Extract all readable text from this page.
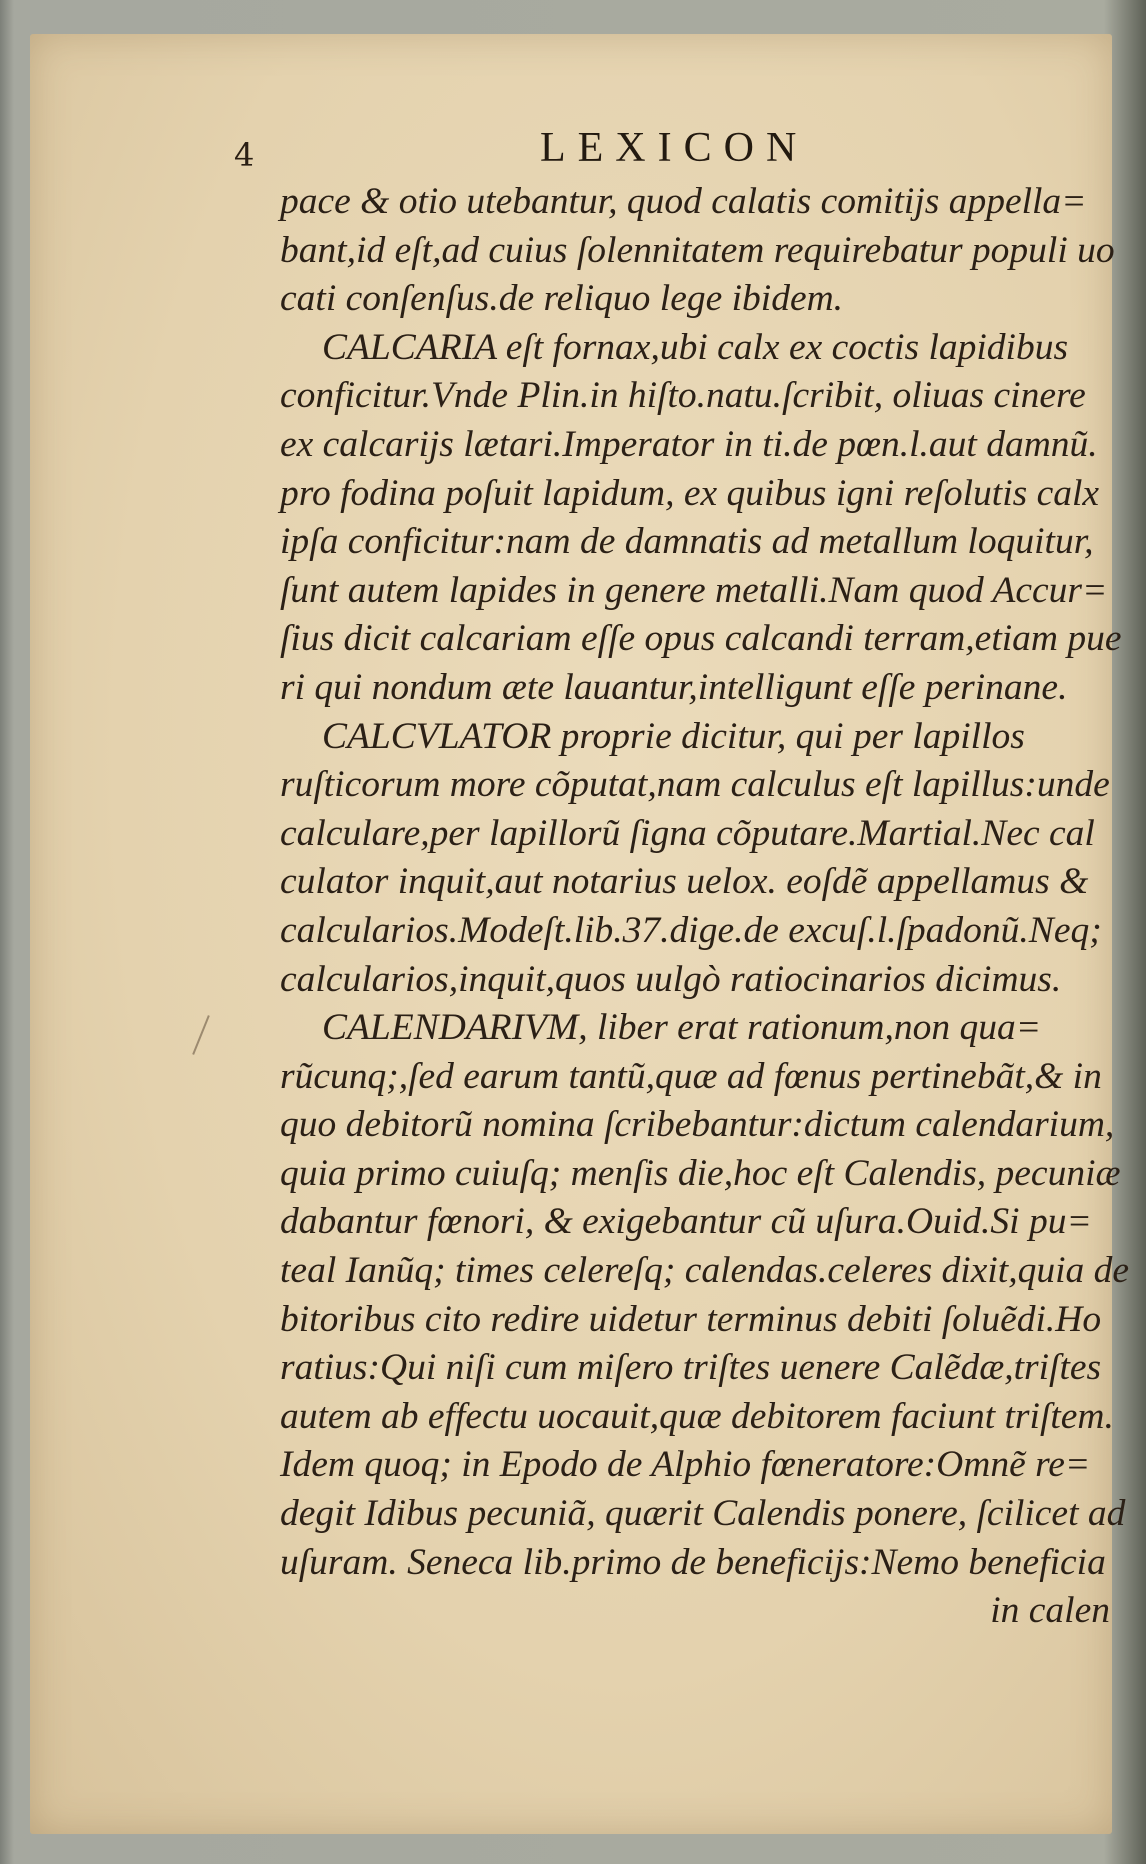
4	LEXICON
pace & otio utebantur, quod calatis comitijs appella=
bant,id eſt,ad cuius ſolennitatem requirebatur populi uo
cati conſenſus.de reliquo lege ibidem.
CALCARIA eſt fornax,ubi calx ex coctis lapidibus
conficitur.Vnde Plin.in hiſto.natu.ſcribit, oliuas cinere
ex calcarijs lætari.Imperator in ti.de pœn.l.aut damnũ.
pro fodina poſuit lapidum, ex quibus igni reſolutis calx
ipſa conficitur:nam de damnatis ad metallum loquitur,
ſunt autem lapides in genere metalli.Nam quod Accur=
ſius dicit calcariam eſſe opus calcandi terram,etiam pue
ri qui nondum æte lauantur,intelligunt eſſe perinane.
CALCVLATOR proprie dicitur, qui per lapillos
ruſticorum more cõputat,nam calculus eſt lapillus:unde
calculare,per lapillorũ ſigna cõputare.Martial.Nec cal
culator inquit,aut notarius uelox. eoſdẽ appellamus &
calcularios.Modeſt.lib.37.dige.de excuſ.l.ſpadonũ.Neq;
calcularios,inquit,quos uulgò ratiocinarios dicimus.
CALENDARIVM, liber erat rationum,non qua=
rũcunq;,ſed earum tantũ,quæ ad fœnus pertinebãt,& in
quo debitorũ nomina ſcribebantur:dictum calendarium,
quia primo cuiuſq; menſis die,hoc eſt Calendis, pecuniæ
dabantur fœnori, & exigebantur cũ uſura.Ouid.Si pu=
teal Ianũq; times celereſq; calendas.celeres dixit,quia de
bitoribus cito redire uidetur terminus debiti ſoluẽdi.Ho
ratius:Qui niſi cum miſero triſtes uenere Calẽdæ,triſtes
autem ab effectu uocauit,quæ debitorem faciunt triſtem.
Idem quoq; in Epodo de Alphio fœneratore:Omnẽ re=
degit Idibus pecuniã, quærit Calendis ponere, ſcilicet ad
uſuram. Seneca lib.primo de beneficijs:Nemo beneficia
in calen
